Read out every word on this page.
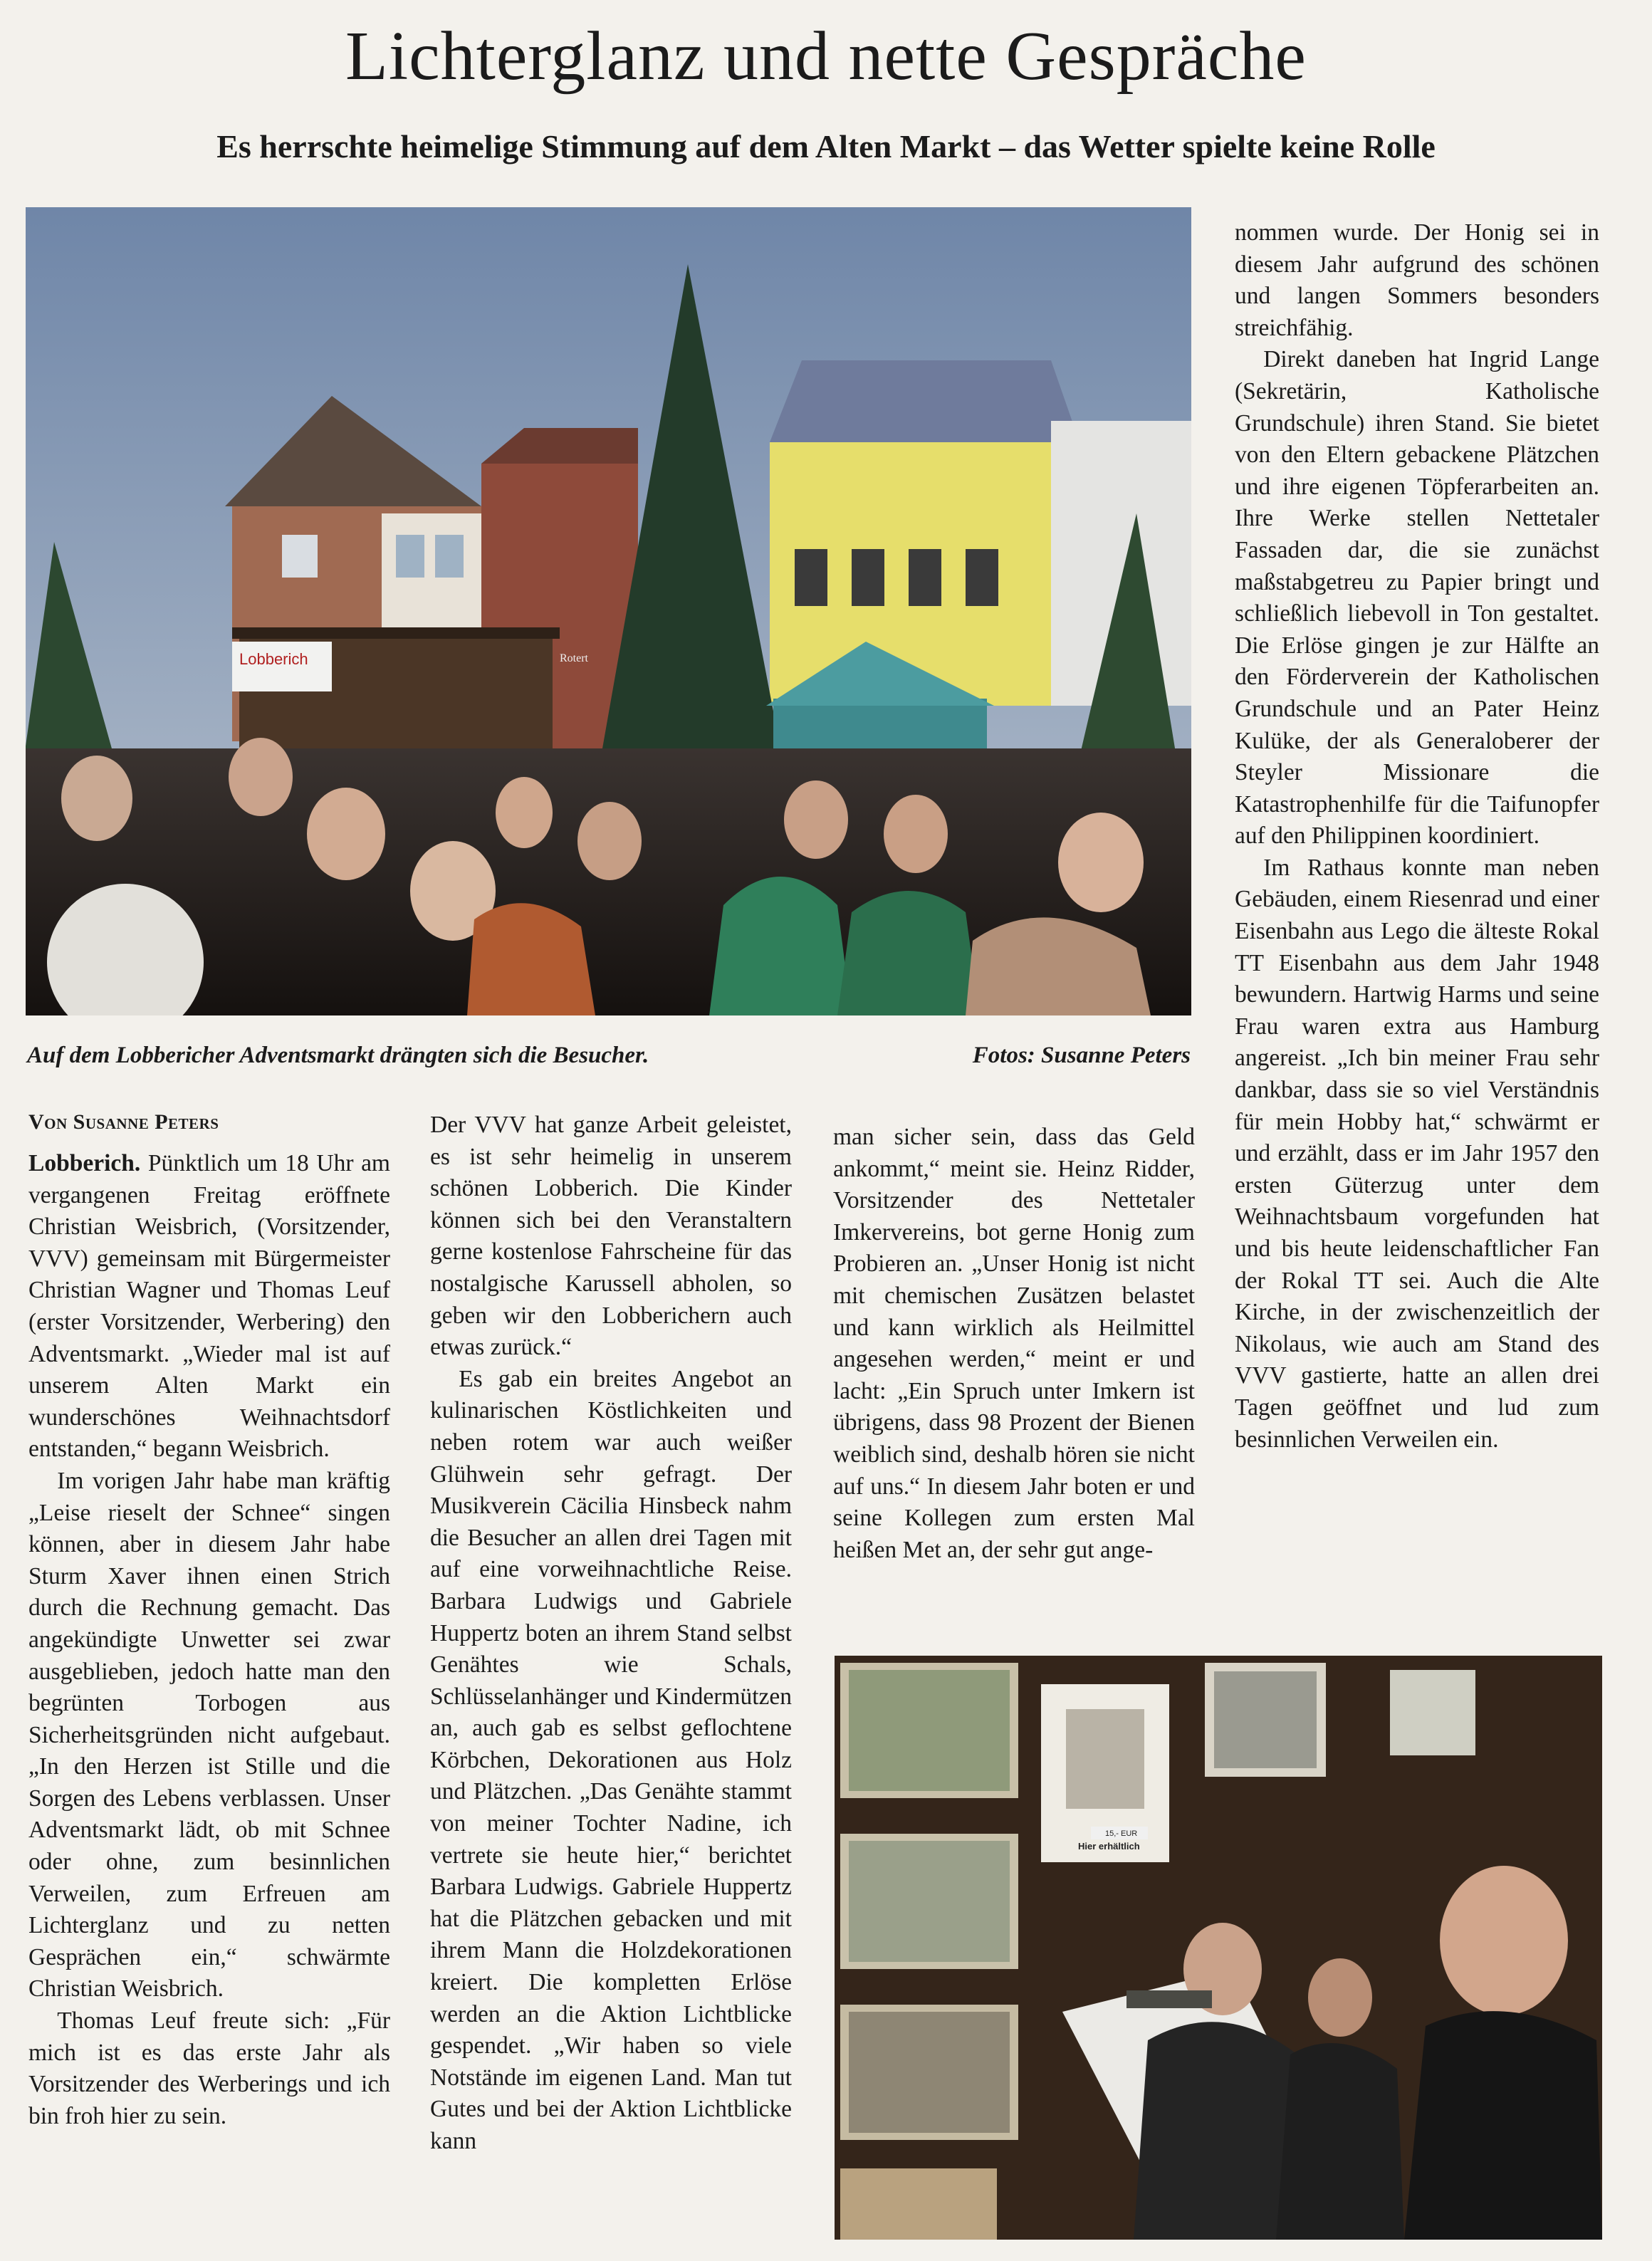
Lichterglanz und nette Gespräche
Es herrschte heimelige Stimmung auf dem Alten Markt – das Wetter spielte keine Rolle
Lobberich	Rotert
Auf dem Lobbericher Adventsmarkt drängten sich die Besucher.	Fotos: Susanne Peters
Von Susanne Peters

Lobberich. Pünktlich um 18 Uhr am vergangenen Freitag eröffnete Christian Weisbrich, (Vorsitzender, VVV) gemeinsam mit Bürgermeister Christian Wagner und Thomas Leuf (erster Vorsitzender, Werbering) den Adventsmarkt. „Wieder mal ist auf unserem Alten Markt ein wunderschönes Weihnachtsdorf entstanden,“ begann Weisbrich.

Im vorigen Jahr habe man kräftig „Leise rieselt der Schnee“ singen können, aber in diesem Jahr habe Sturm Xaver ihnen einen Strich durch die Rechnung gemacht. Das angekündigte Unwetter sei zwar ausgeblieben, jedoch hatte man den begrünten Torbogen aus Sicherheitsgründen nicht aufgebaut. „In den Herzen ist Stille und die Sorgen des Lebens verblassen. Unser Adventsmarkt lädt, ob mit Schnee oder ohne, zum besinnlichen Verweilen, zum Erfreuen am Lichterglanz und zu netten Gesprächen ein,“ schwärmte Christian Weisbrich.

Thomas Leuf freute sich: „Für mich ist es das erste Jahr als Vorsitzender des Werberings und ich bin froh hier zu sein.

Der VVV hat ganze Arbeit geleistet, es ist sehr heimelig in unserem schönen Lobberich. Die Kinder können sich bei den Veranstaltern gerne kostenlose Fahrscheine für das nostalgische Karussell abholen, so geben wir den Lobberichern auch etwas zurück.“

Es gab ein breites Angebot an kulinarischen Köstlichkeiten und neben rotem war auch weißer Glühwein sehr gefragt. Der Musikverein Cäcilia Hinsbeck nahm die Besucher an allen drei Tagen mit auf eine vorweihnachtliche Reise. Barbara Ludwigs und Gabriele Huppertz boten an ihrem Stand selbst Genähtes wie Schals, Schlüsselanhänger und Kindermützen an, auch gab es selbst geflochtene Körbchen, Dekorationen aus Holz und Plätzchen. „Das Genähte stammt von meiner Tochter Nadine, ich vertrete sie heute hier,“ berichtet Barbara Ludwigs. Gabriele Huppertz hat die Plätzchen gebacken und mit ihrem Mann die Holzdekorationen kreiert. Die kompletten Erlöse werden an die Aktion Lichtblicke gespendet. „Wir haben so viele Notstände im eigenen Land. Man tut Gutes und bei der Aktion Lichtblicke kann

man sicher sein, dass das Geld ankommt,“ meint sie. Heinz Ridder, Vorsitzender des Nettetaler Imkervereins, bot gerne Honig zum Probieren an. „Unser Honig ist nicht mit chemischen Zusätzen belastet und kann wirklich als Heilmittel angesehen werden,“ meint er und lacht: „Ein Spruch unter Imkern ist übrigens, dass 98 Prozent der Bienen weiblich sind, deshalb hören sie nicht auf uns.“ In diesem Jahr boten er und seine Kollegen zum ersten Mal heißen Met an, der sehr gut ange-

nommen wurde. Der Honig sei in diesem Jahr aufgrund des schönen und langen Sommers besonders streichfähig.

Direkt daneben hat Ingrid Lange (Sekretärin, Katholische Grundschule) ihren Stand. Sie bietet von den Eltern gebackene Plätzchen und ihre eigenen Töpferarbeiten an. Ihre Werke stellen Nettetaler Fassaden dar, die sie zunächst maßstabgetreu zu Papier bringt und schließlich liebevoll in Ton gestaltet. Die Erlöse gingen je zur Hälfte an den Förderverein der Katholischen Grundschule und an Pater Heinz Kulüke, der als Generaloberer der Steyler Missionare die Katastrophenhilfe für die Taifunopfer auf den Philippinen koordiniert.

Im Rathaus konnte man neben Gebäuden, einem Riesenrad und einer Eisenbahn aus Lego die älteste Rokal TT Eisenbahn aus dem Jahr 1948 bewundern. Hartwig Harms und seine Frau waren extra aus Hamburg angereist. „Ich bin meiner Frau sehr dankbar, dass sie so viel Verständnis für mein Hobby hat,“ schwärmt er und erzählt, dass er im Jahr 1957 den ersten Güterzug unter dem Weihnachtsbaum vorgefunden hat und bis heute leidenschaftlicher Fan der Rokal TT sei. Auch die Alte Kirche, in der zwischenzeitlich der Nikolaus, wie auch am Stand des VVV gastierte, hatte an allen drei Tagen geöffnet und lud zum besinnlichen Verweilen ein.

15,- EUR
Hier erhältlich
